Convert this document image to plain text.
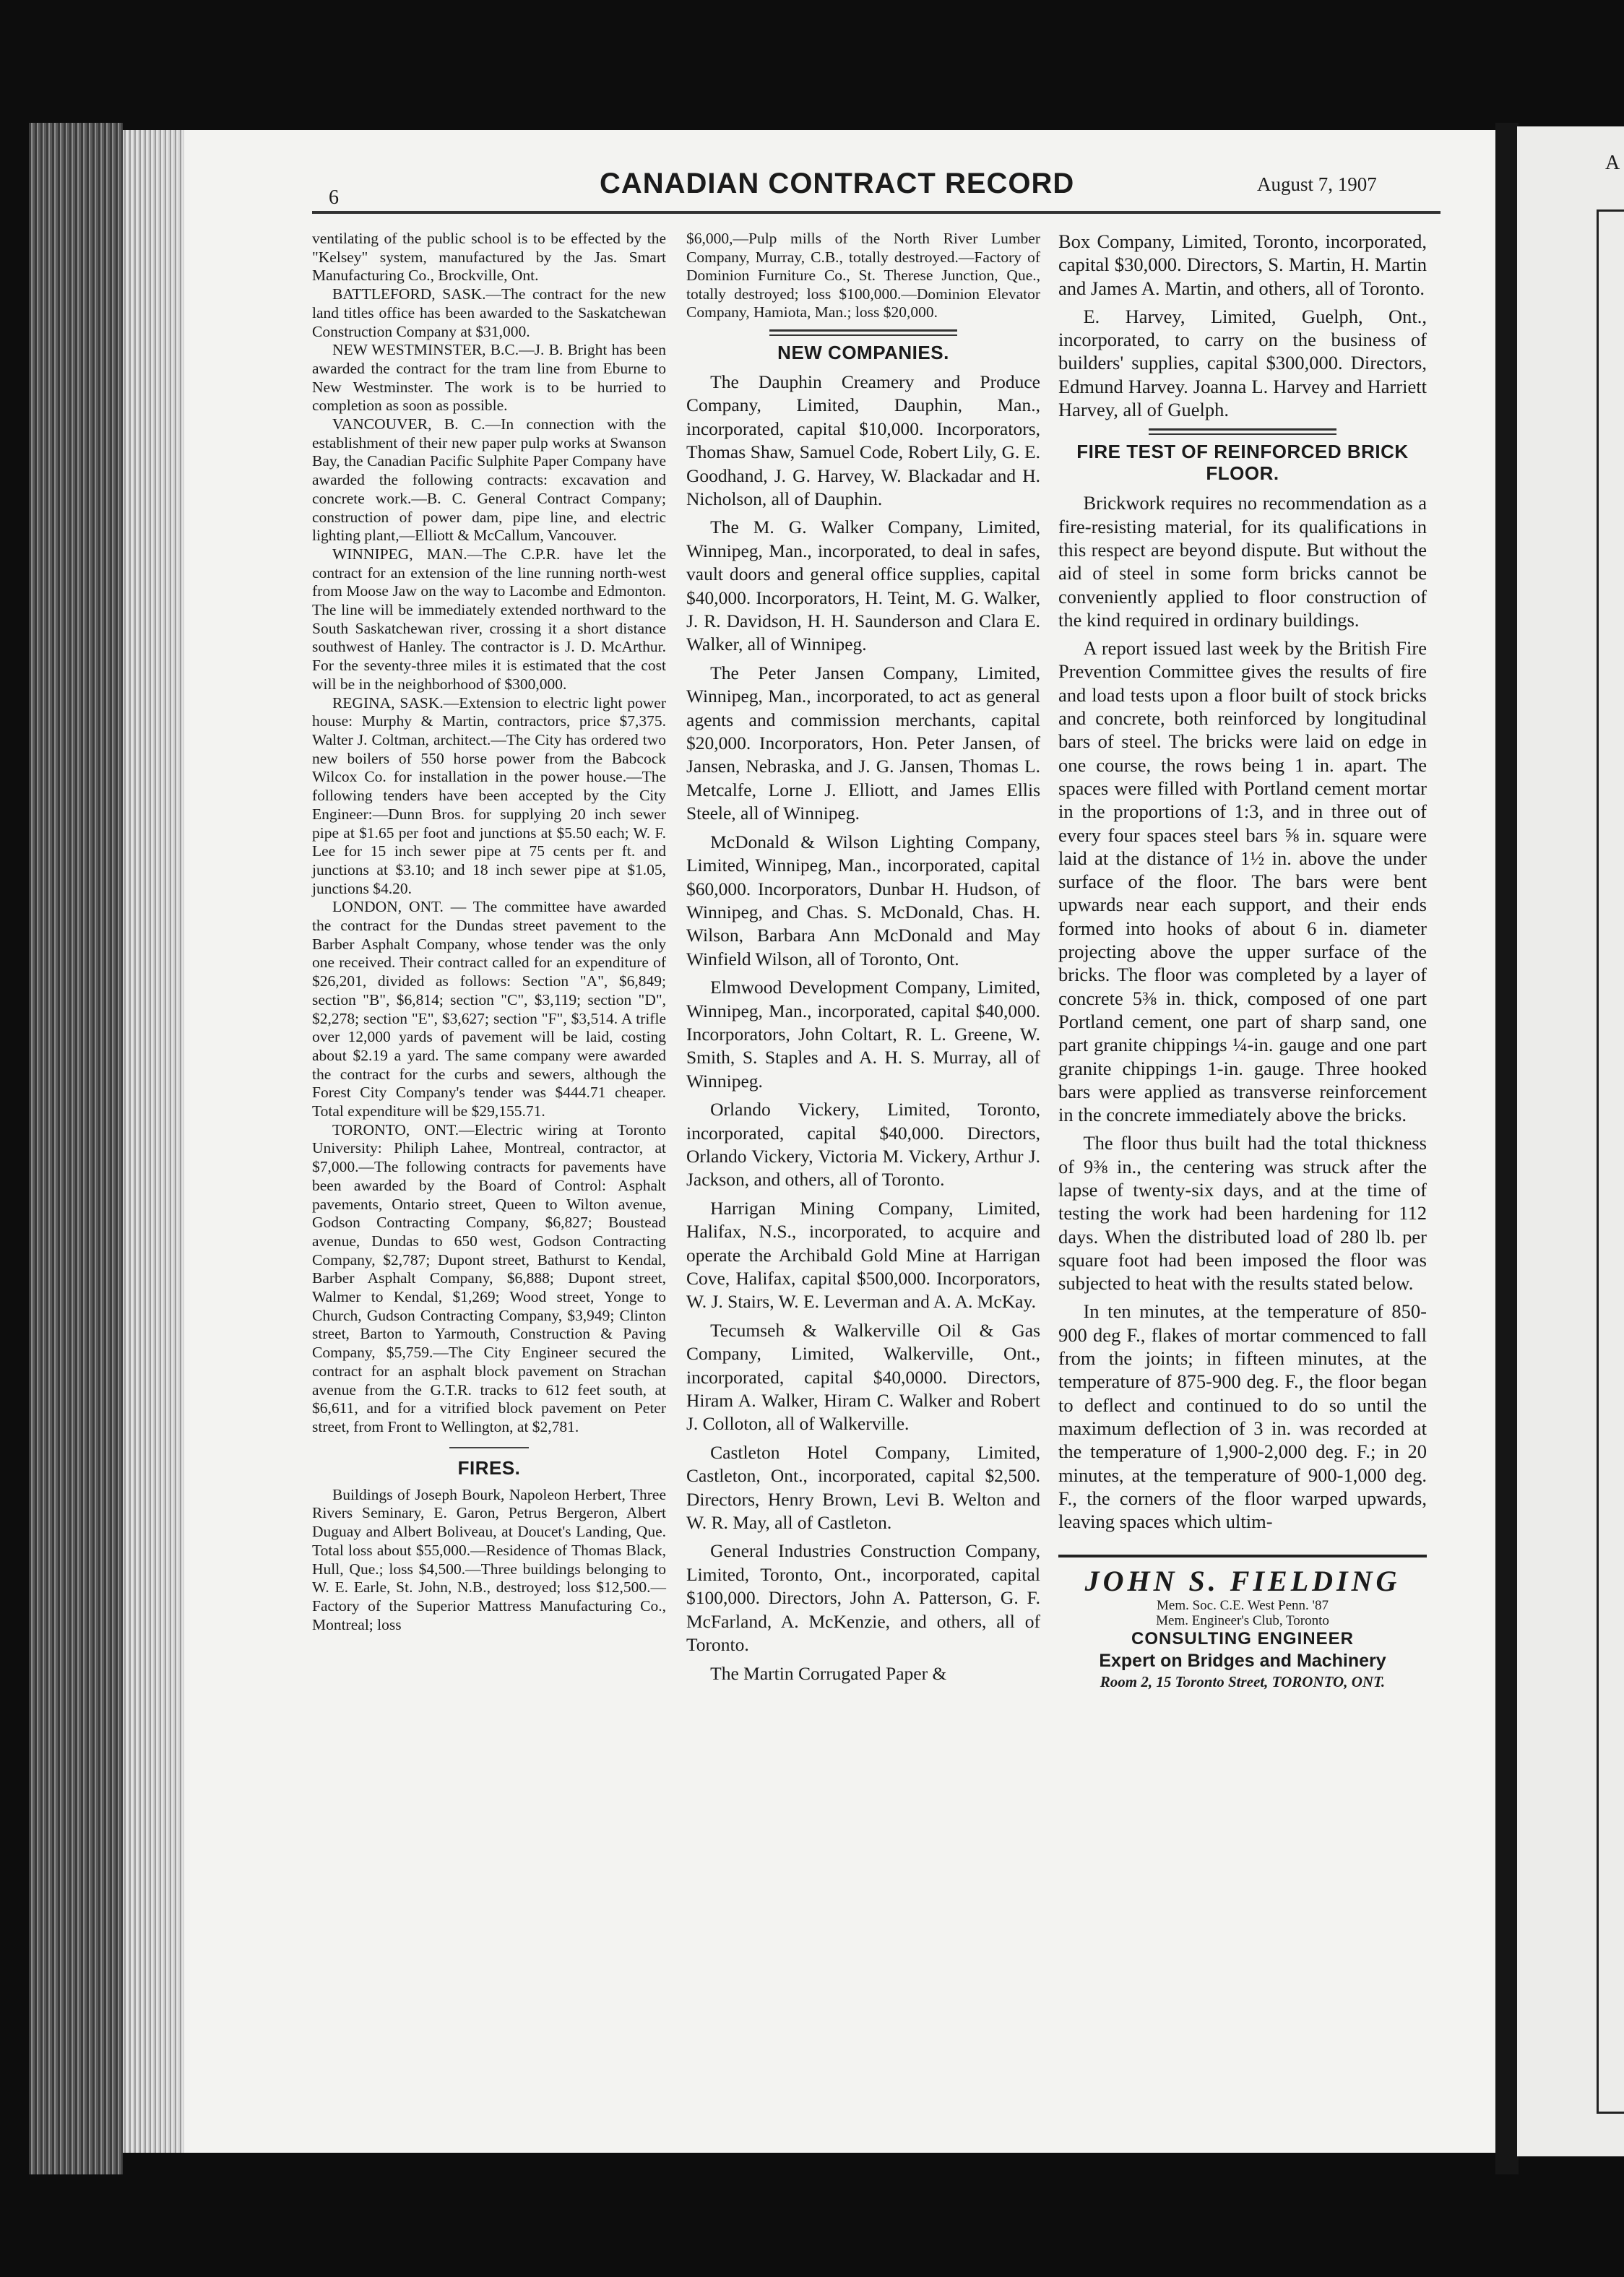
A
6	CANADIAN CONTRACT RECORD	August 7, 1907

ventilating of the public school is to be effected by the "Kelsey" system, manufactured by the Jas. Smart Manufacturing Co., Brockville, Ont.

BATTLEFORD, SASK.—The contract for the new land titles office has been awarded to the Saskatchewan Construction Company at $31,000.

NEW WESTMINSTER, B.C.—J. B. Bright has been awarded the contract for the tram line from Eburne to New Westminster. The work is to be hurried to completion as soon as possible.

VANCOUVER, B. C.—In connection with the establishment of their new paper pulp works at Swanson Bay, the Canadian Pacific Sulphite Paper Company have awarded the following contracts: excavation and concrete work.—B. C. General Contract Company; construction of power dam, pipe line, and electric lighting plant,—Elliott & McCallum, Vancouver.

WINNIPEG, MAN.—The C.P.R. have let the contract for an extension of the line running north-west from Moose Jaw on the way to Lacombe and Edmonton. The line will be immediately extended northward to the South Saskatchewan river, crossing it a short distance southwest of Hanley. The contractor is J. D. McArthur. For the seventy-three miles it is estimated that the cost will be in the neighborhood of $300,000.

REGINA, SASK.—Extension to electric light power house: Murphy & Martin, contractors, price $7,375. Walter J. Coltman, architect.—The City has ordered two new boilers of 550 horse power from the Babcock Wilcox Co. for installation in the power house.—The following tenders have been accepted by the City Engineer:—Dunn Bros. for supplying 20 inch sewer pipe at $1.65 per foot and junctions at $5.50 each; W. F. Lee for 15 inch sewer pipe at 75 cents per ft. and junctions at $3.10; and 18 inch sewer pipe at $1.05, junctions $4.20.

LONDON, ONT. — The committee have awarded the contract for the Dundas street pavement to the Barber Asphalt Company, whose tender was the only one received. Their contract called for an expenditure of $26,201, divided as follows: Section "A", $6,849; section "B", $6,814; section "C", $3,119; section "D", $2,278; section "E", $3,627; section "F", $3,514. A trifle over 12,000 yards of pavement will be laid, costing about $2.19 a yard. The same company were awarded the contract for the curbs and sewers, although the Forest City Company's tender was $444.71 cheaper. Total expenditure will be $29,155.71.

TORONTO, ONT.—Electric wiring at Toronto University: Philiph Lahee, Montreal, contractor, at $7,000.—The following contracts for pavements have been awarded by the Board of Control: Asphalt pavements, Ontario street, Queen to Wilton avenue, Godson Contracting Company, $6,827; Boustead avenue, Dundas to 650 west, Godson Contracting Company, $2,787; Dupont street, Bathurst to Kendal, Barber Asphalt Company, $6,888; Dupont street, Walmer to Kendal, $1,269; Wood street, Yonge to Church, Gudson Contracting Company, $3,949; Clinton street, Barton to Yarmouth, Construction & Paving Company, $5,759.—The City Engineer secured the contract for an asphalt block pavement on Strachan avenue from the G.T.R. tracks to 612 feet south, at $6,611, and for a vitrified block pavement on Peter street, from Front to Wellington, at $2,781.

FIRES.

Buildings of Joseph Bourk, Napoleon Herbert, Three Rivers Seminary, E. Garon, Petrus Bergeron, Albert Duguay and Albert Boliveau, at Doucet's Landing, Que. Total loss about $55,000.—Residence of Thomas Black, Hull, Que.; loss $4,500.—Three buildings belonging to W. E. Earle, St. John, N.B., destroyed; loss $12,500.—Factory of the Superior Mattress Manufacturing Co., Montreal; loss

$6,000,—Pulp mills of the North River Lumber Company, Murray, C.B., totally destroyed.—Factory of Dominion Furniture Co., St. Therese Junction, Que., totally destroyed; loss $100,000.—Dominion Elevator Company, Hamiota, Man.; loss $20,000.

NEW COMPANIES.

The Dauphin Creamery and Produce Company, Limited, Dauphin, Man., incorporated, capital $10,000. Incorporators, Thomas Shaw, Samuel Code, Robert Lily, G. E. Goodhand, J. G. Harvey, W. Blackadar and H. Nicholson, all of Dauphin.

The M. G. Walker Company, Limited, Winnipeg, Man., incorporated, to deal in safes, vault doors and general office supplies, capital $40,000. Incorporators, H. Teint, M. G. Walker, J. R. Davidson, H. H. Saunderson and Clara E. Walker, all of Winnipeg.

The Peter Jansen Company, Limited, Winnipeg, Man., incorporated, to act as general agents and commission merchants, capital $20,000. Incorporators, Hon. Peter Jansen, of Jansen, Nebraska, and J. G. Jansen, Thomas L. Metcalfe, Lorne J. Elliott, and James Ellis Steele, all of Winnipeg.

McDonald & Wilson Lighting Company, Limited, Winnipeg, Man., incorporated, capital $60,000. Incorporators, Dunbar H. Hudson, of Winnipeg, and Chas. S. McDonald, Chas. H. Wilson, Barbara Ann McDonald and May Winfield Wilson, all of Toronto, Ont.

Elmwood Development Company, Limited, Winnipeg, Man., incorporated, capital $40,000. Incorporators, John Coltart, R. L. Greene, W. Smith, S. Staples and A. H. S. Murray, all of Winnipeg.

Orlando Vickery, Limited, Toronto, incorporated, capital $40,000. Directors, Orlando Vickery, Victoria M. Vickery, Arthur J. Jackson, and others, all of Toronto.

Harrigan Mining Company, Limited, Halifax, N.S., incorporated, to acquire and operate the Archibald Gold Mine at Harrigan Cove, Halifax, capital $500,000. Incorporators, W. J. Stairs, W. E. Leverman and A. A. McKay.

Tecumseh & Walkerville Oil & Gas Company, Limited, Walkerville, Ont., incorporated, capital $40,0000. Directors, Hiram A. Walker, Hiram C. Walker and Robert J. Colloton, all of Walkerville.

Castleton Hotel Company, Limited, Castleton, Ont., incorporated, capital $2,500. Directors, Henry Brown, Levi B. Welton and W. R. May, all of Castleton.

General Industries Construction Company, Limited, Toronto, Ont., incorporated, capital $100,000. Directors, John A. Patterson, G. F. McFarland, A. McKenzie, and others, all of Toronto.

The Martin Corrugated Paper &

Box Company, Limited, Toronto, incorporated, capital $30,000. Directors, S. Martin, H. Martin and James A. Martin, and others, all of Toronto.

E. Harvey, Limited, Guelph, Ont., incorporated, to carry on the business of builders' supplies, capital $300,000. Directors, Edmund Harvey. Joanna L. Harvey and Harriett Harvey, all of Guelph.

FIRE TEST OF REINFORCED BRICK FLOOR.

Brickwork requires no recommendation as a fire-resisting material, for its qualifications in this respect are beyond dispute. But without the aid of steel in some form bricks cannot be conveniently applied to floor construction of the kind required in ordinary buildings.

A report issued last week by the British Fire Prevention Committee gives the results of fire and load tests upon a floor built of stock bricks and concrete, both reinforced by longitudinal bars of steel. The bricks were laid on edge in one course, the rows being 1 in. apart. The spaces were filled with Portland cement mortar in the proportions of 1:3, and in three out of every four spaces steel bars ⅝ in. square were laid at the distance of 1½ in. above the under surface of the floor. The bars were bent upwards near each support, and their ends formed into hooks of about 6 in. diameter projecting above the upper surface of the bricks. The floor was completed by a layer of concrete 5⅜ in. thick, composed of one part Portland cement, one part of sharp sand, one part granite chippings ¼-in. gauge and one part granite chippings 1-in. gauge. Three hooked bars were applied as transverse reinforcement in the concrete immediately above the bricks.

The floor thus built had the total thickness of 9⅜ in., the centering was struck after the lapse of twenty-six days, and at the time of testing the work had been hardening for 112 days. When the distributed load of 280 lb. per square foot had been imposed the floor was subjected to heat with the results stated below.

In ten minutes, at the temperature of 850-900 deg F., flakes of mortar commenced to fall from the joints; in fifteen minutes, at the temperature of 875-900 deg. F., the floor began to deflect and continued to do so until the maximum deflection of 3 in. was recorded at the temperature of 1,900-2,000 deg. F.; in 20 minutes, at the temperature of 900-1,000 deg. F., the corners of the floor warped upwards, leaving spaces which ultim-

JOHN S. FIELDING
Mem. Soc. C.E. West Penn. '87
Mem. Engineer's Club, Toronto
CONSULTING ENGINEER
Expert on Bridges and Machinery
Room 2, 15 Toronto Street, TORONTO, ONT.
